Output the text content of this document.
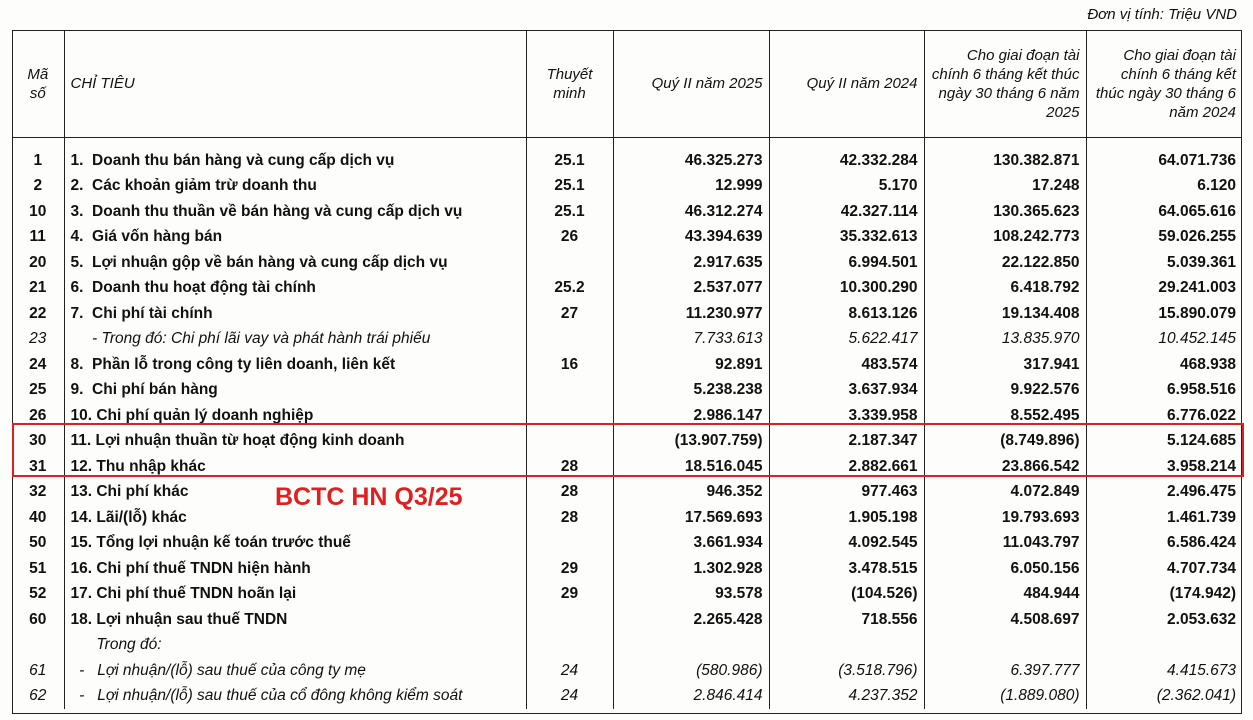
Đơn vị tính: Triệu VND
Mã số	CHỈ TIÊU	Thuyết minh	Quý II năm 2025	Quý II năm 2024	Cho giai đoạn tài chính 6 tháng kết thúc ngày 30 tháng 6 năm 2025	Cho giai đoạn tài chính 6 tháng kết thúc ngày 30 tháng 6 năm 2024
1	1.  Doanh thu bán hàng và cung cấp dịch vụ	25.1	46.325.273	42.332.284	130.382.871	64.071.736
2	2.  Các khoản giảm trừ doanh thu	25.1	12.999	5.170	17.248	6.120
10	3.  Doanh thu thuần về bán hàng và cung cấp dịch vụ	25.1	46.312.274	42.327.114	130.365.623	64.065.616
11	4.  Giá vốn hàng bán	26	43.394.639	35.332.613	108.242.773	59.026.255
20	5.  Lợi nhuận gộp về bán hàng và cung cấp dịch vụ		2.917.635	6.994.501	22.122.850	5.039.361
21	6.  Doanh thu hoạt động tài chính	25.2	2.537.077	10.300.290	6.418.792	29.241.003
22	7.  Chi phí tài chính	27	11.230.977	8.613.126	19.134.408	15.890.079
23	- Trong đó: Chi phí lãi vay và phát hành trái phiếu		7.733.613	5.622.417	13.835.970	10.452.145
24	8.  Phần lỗ trong công ty liên doanh, liên kết	16	92.891	483.574	317.941	468.938
25	9.  Chi phí bán hàng		5.238.238	3.637.934	9.922.576	6.958.516
26	10. Chi phí quản lý doanh nghiệp		2.986.147	3.339.958	8.552.495	6.776.022
30	11. Lợi nhuận thuần từ hoạt động kinh doanh		(13.907.759)	2.187.347	(8.749.896)	5.124.685
31	12. Thu nhập khác	28	18.516.045	2.882.661	23.866.542	3.958.214
32	13. Chi phí khác	28	946.352	977.463	4.072.849	2.496.475
40	14. Lãi/(lỗ) khác	28	17.569.693	1.905.198	19.793.693	1.461.739
50	15. Tổng lợi nhuận kế toán trước thuế		3.661.934	4.092.545	11.043.797	6.586.424
51	16. Chi phí thuế TNDN hiện hành	29	1.302.928	3.478.515	6.050.156	4.707.734
52	17. Chi phí thuế TNDN hoãn lại	29	93.578	(104.526)	484.944	(174.942)
60	18. Lợi nhuận sau thuế TNDN		2.265.428	718.556	4.508.697	2.053.632
	Trong đó:					
61	-   Lợi nhuận/(lỗ) sau thuế của công ty mẹ	24	(580.986)	(3.518.796)	6.397.777	4.415.673
62	-   Lợi nhuận/(lỗ) sau thuế của cổ đông không kiểm soát	24	2.846.414	4.237.352	(1.889.080)	(2.362.041)
BCTC HN Q3/25
